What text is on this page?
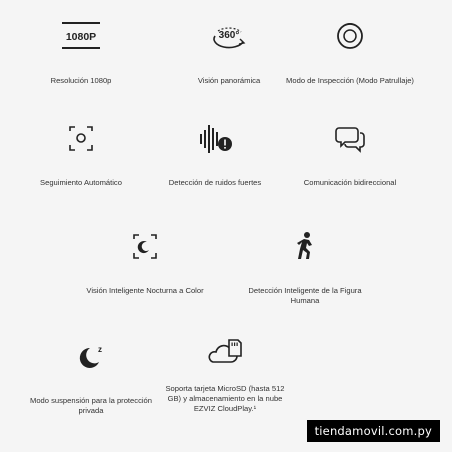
1080P
Resolución 1080p
360°
Visión panorámica	Modo de Inspección (Modo Patrullaje)
Seguimiento Automático	Detección de ruidos fuertes	Comunicación bidireccional
Visión Inteligente Nocturna a Color	Detección Inteligente de la Figura Humana
z
Modo suspensión para la protección privada
Soporta tarjeta MicroSD (hasta 512 GB) y almacenamiento en la nube EZVIZ CloudPlay.¹
tiendamovil.com.py
